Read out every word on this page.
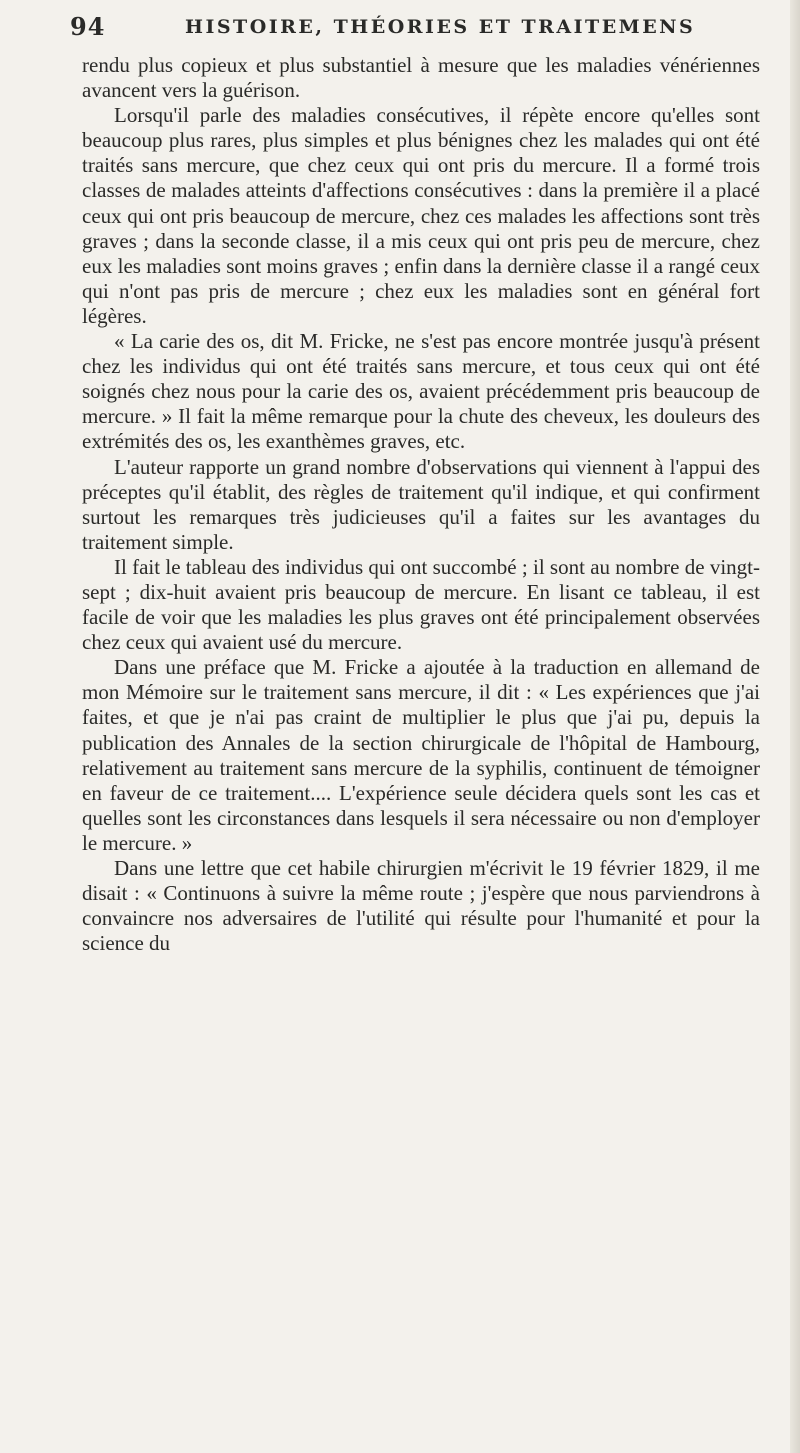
94	HISTOIRE, THÉORIES ET TRAITEMENS

rendu plus copieux et plus substantiel à mesure que les maladies vénériennes avancent vers la guérison.

Lorsqu'il parle des maladies consécutives, il répète encore qu'elles sont beaucoup plus rares, plus simples et plus bénignes chez les malades qui ont été traités sans mercure, que chez ceux qui ont pris du mercure. Il a formé trois classes de malades atteints d'affections consécutives : dans la première il a placé ceux qui ont pris beaucoup de mercure, chez ces malades les affections sont très graves ; dans la seconde classe, il a mis ceux qui ont pris peu de mercure, chez eux les maladies sont moins graves ; enfin dans la dernière classe il a rangé ceux qui n'ont pas pris de mercure ; chez eux les maladies sont en général fort légères.

« La carie des os, dit M. Fricke, ne s'est pas encore montrée jusqu'à présent chez les individus qui ont été traités sans mercure, et tous ceux qui ont été soignés chez nous pour la carie des os, avaient précédemment pris beaucoup de mercure. » Il fait la même remarque pour la chute des cheveux, les douleurs des extrémités des os, les exanthèmes graves, etc.

L'auteur rapporte un grand nombre d'observations qui viennent à l'appui des préceptes qu'il établit, des règles de traitement qu'il indique, et qui confirment surtout les remarques très judicieuses qu'il a faites sur les avantages du traitement simple.

Il fait le tableau des individus qui ont succombé ; il sont au nombre de vingt-sept ; dix-huit avaient pris beaucoup de mercure. En lisant ce tableau, il est facile de voir que les maladies les plus graves ont été principalement observées chez ceux qui avaient usé du mercure.

Dans une préface que M. Fricke a ajoutée à la traduction en allemand de mon Mémoire sur le traitement sans mercure, il dit : « Les expériences que j'ai faites, et que je n'ai pas craint de multiplier le plus que j'ai pu, depuis la publication des Annales de la section chirurgicale de l'hôpital de Hambourg, relativement au traitement sans mercure de la syphilis, continuent de témoigner en faveur de ce traitement.... L'expérience seule décidera quels sont les cas et quelles sont les circonstances dans lesquels il sera nécessaire ou non d'employer le mercure. »

Dans une lettre que cet habile chirurgien m'écrivit le 19 février 1829, il me disait : « Continuons à suivre la même route ; j'espère que nous parviendrons à convaincre nos adversaires de l'utilité qui résulte pour l'humanité et pour la science du
